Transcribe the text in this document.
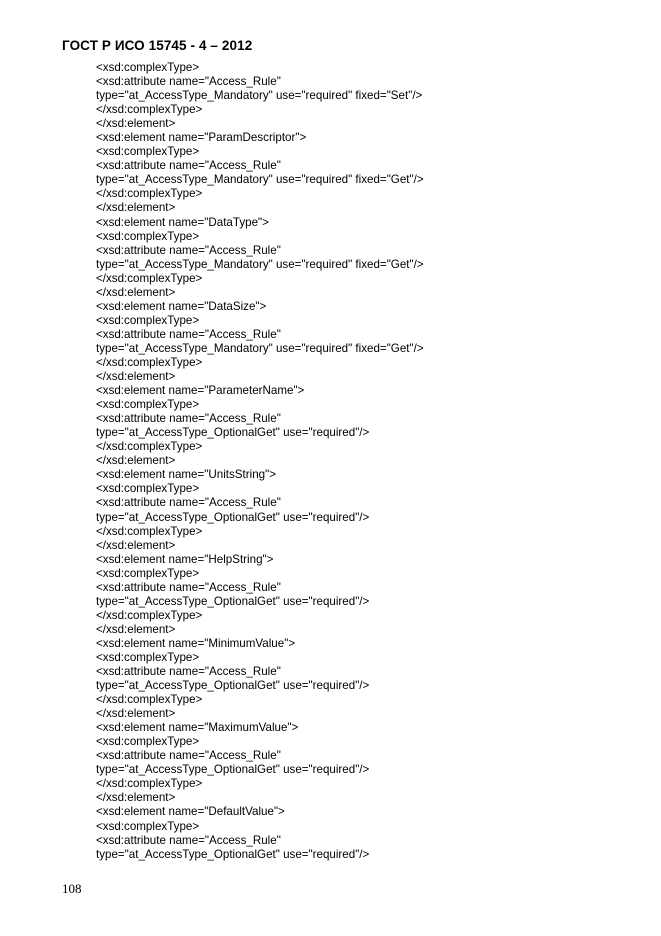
ГОСТ Р ИСО 15745 - 4 – 2012
<xsd:complexType>
<xsd:attribute name="Access_Rule"
type="at_AccessType_Mandatory" use="required" fixed="Set"/>
</xsd:complexType>
</xsd:element>
<xsd:element name="ParamDescriptor">
<xsd:complexType>
<xsd:attribute name="Access_Rule"
type="at_AccessType_Mandatory" use="required" fixed="Get"/>
</xsd:complexType>
</xsd:element>
<xsd:element name="DataType">
<xsd:complexType>
<xsd:attribute name="Access_Rule"
type="at_AccessType_Mandatory" use="required" fixed="Get"/>
</xsd:complexType>
</xsd:element>
<xsd:element name="DataSize">
<xsd:complexType>
<xsd:attribute name="Access_Rule"
type="at_AccessType_Mandatory" use="required" fixed="Get"/>
</xsd:complexType>
</xsd:element>
<xsd:element name="ParameterName">
<xsd:complexType>
<xsd:attribute name="Access_Rule"
type="at_AccessType_OptionalGet" use="required"/>
</xsd:complexType>
</xsd:element>
<xsd:element name="UnitsString">
<xsd:complexType>
<xsd:attribute name="Access_Rule"
type="at_AccessType_OptionalGet" use="required"/>
</xsd:complexType>
</xsd:element>
<xsd:element name="HelpString">
<xsd:complexType>
<xsd:attribute name="Access_Rule"
type="at_AccessType_OptionalGet" use="required"/>
</xsd:complexType>
</xsd:element>
<xsd:element name="MinimumValue">
<xsd:complexType>
<xsd:attribute name="Access_Rule"
type="at_AccessType_OptionalGet" use="required"/>
</xsd:complexType>
</xsd:element>
<xsd:element name="MaximumValue">
<xsd:complexType>
<xsd:attribute name="Access_Rule"
type="at_AccessType_OptionalGet" use="required"/>
</xsd:complexType>
</xsd:element>
<xsd:element name="DefaultValue">
<xsd:complexType>
<xsd:attribute name="Access_Rule"
type="at_AccessType_OptionalGet" use="required"/>
108
